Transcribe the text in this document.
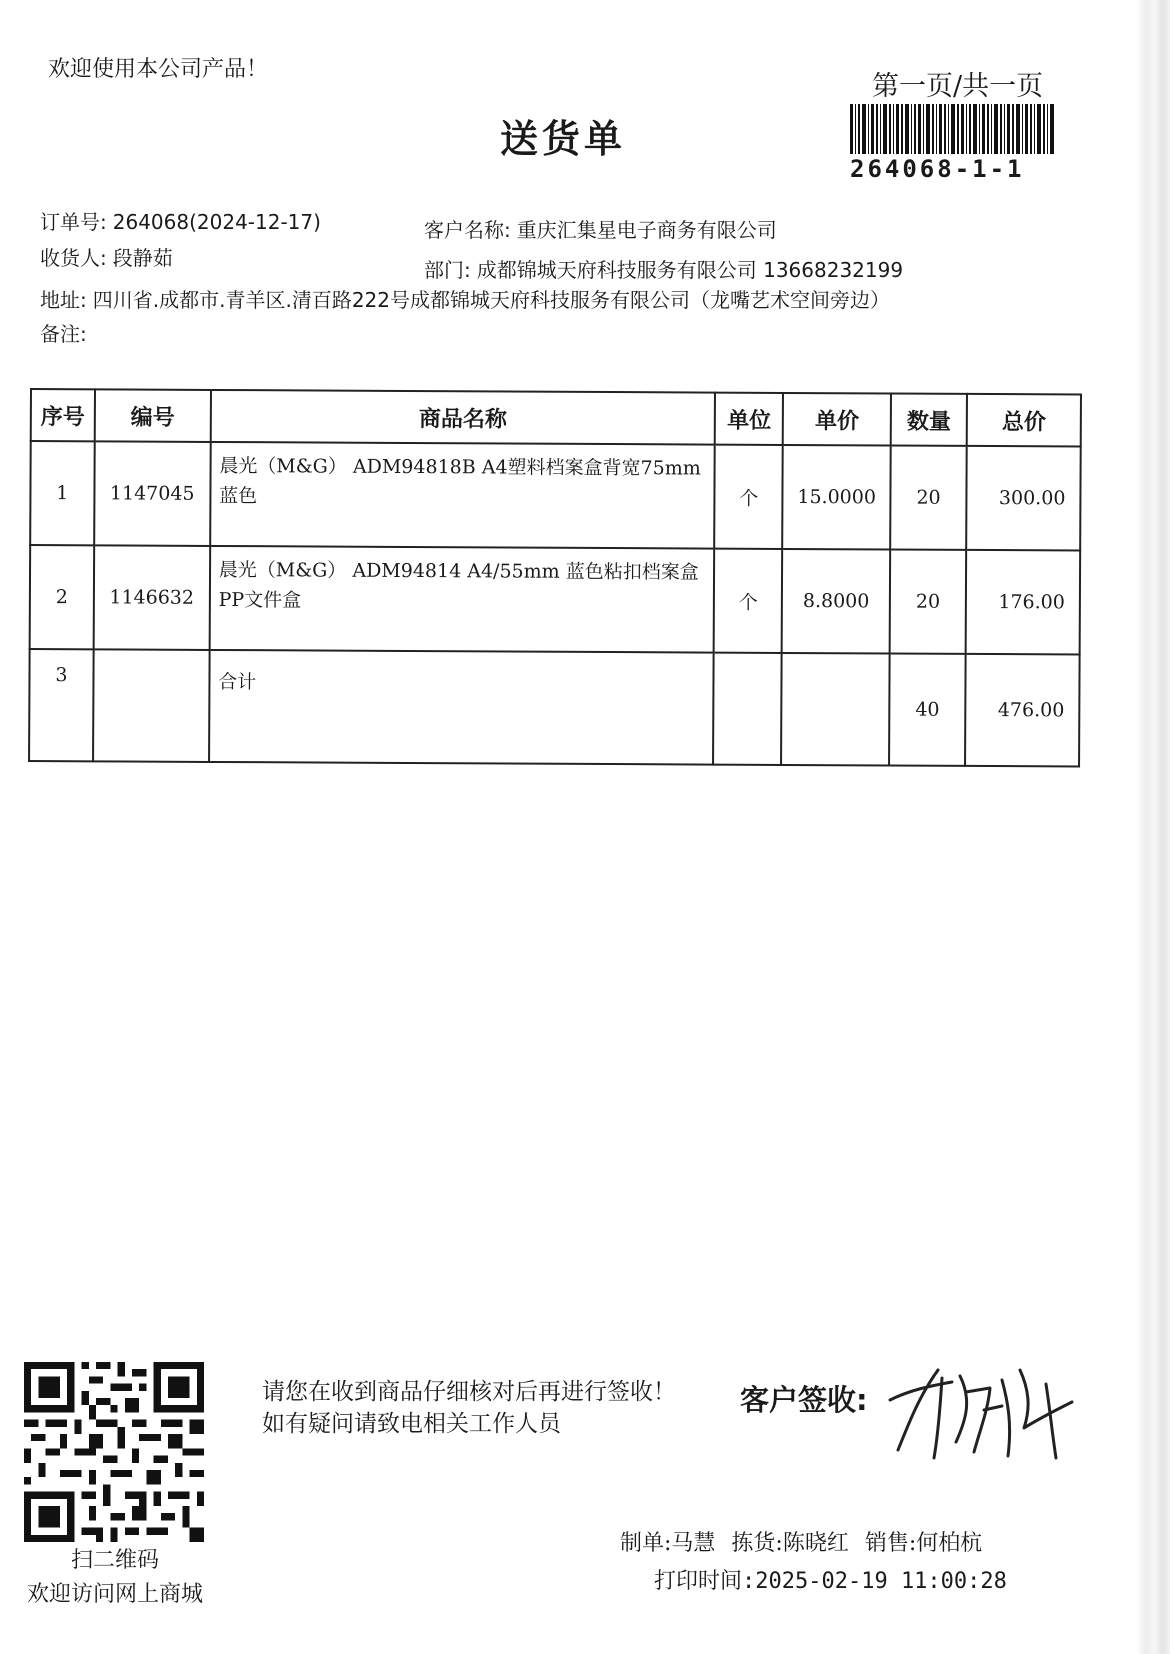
欢迎使用本公司产品！
送货单
第一页/共一页
264068-1-1
订单号: 264068(2024-12-17)
收货人: 段静茹
客户名称: 重庆汇集星电子商务有限公司
部门: 成都锦城天府科技服务有限公司 13668232199
地址: 四川省.成都市.青羊区.清百路222号成都锦城天府科技服务有限公司（龙嘴艺术空间旁边）
备注:
序号	编号	商品名称	单位	单价	数量	总价
1	1147045	晨光（M&G） ADM94818B A4塑料档案盒背宽75mm 蓝色	个	15.0000	20	300.00
2	1146632	晨光（M&G） ADM94814 A4/55mm 蓝色粘扣档案盒 PP文件盒	个	8.8000	20	176.00
3		合计			40	476.00
扫二维码
欢迎访问网上商城
请您在收到商品仔细核对后再进行签收！如有疑问请致电相关工作人员
客户签收:
制单:马慧 拣货:陈晓红 销售:何柏杭
打印时间:2025-02-19 11:00:28
